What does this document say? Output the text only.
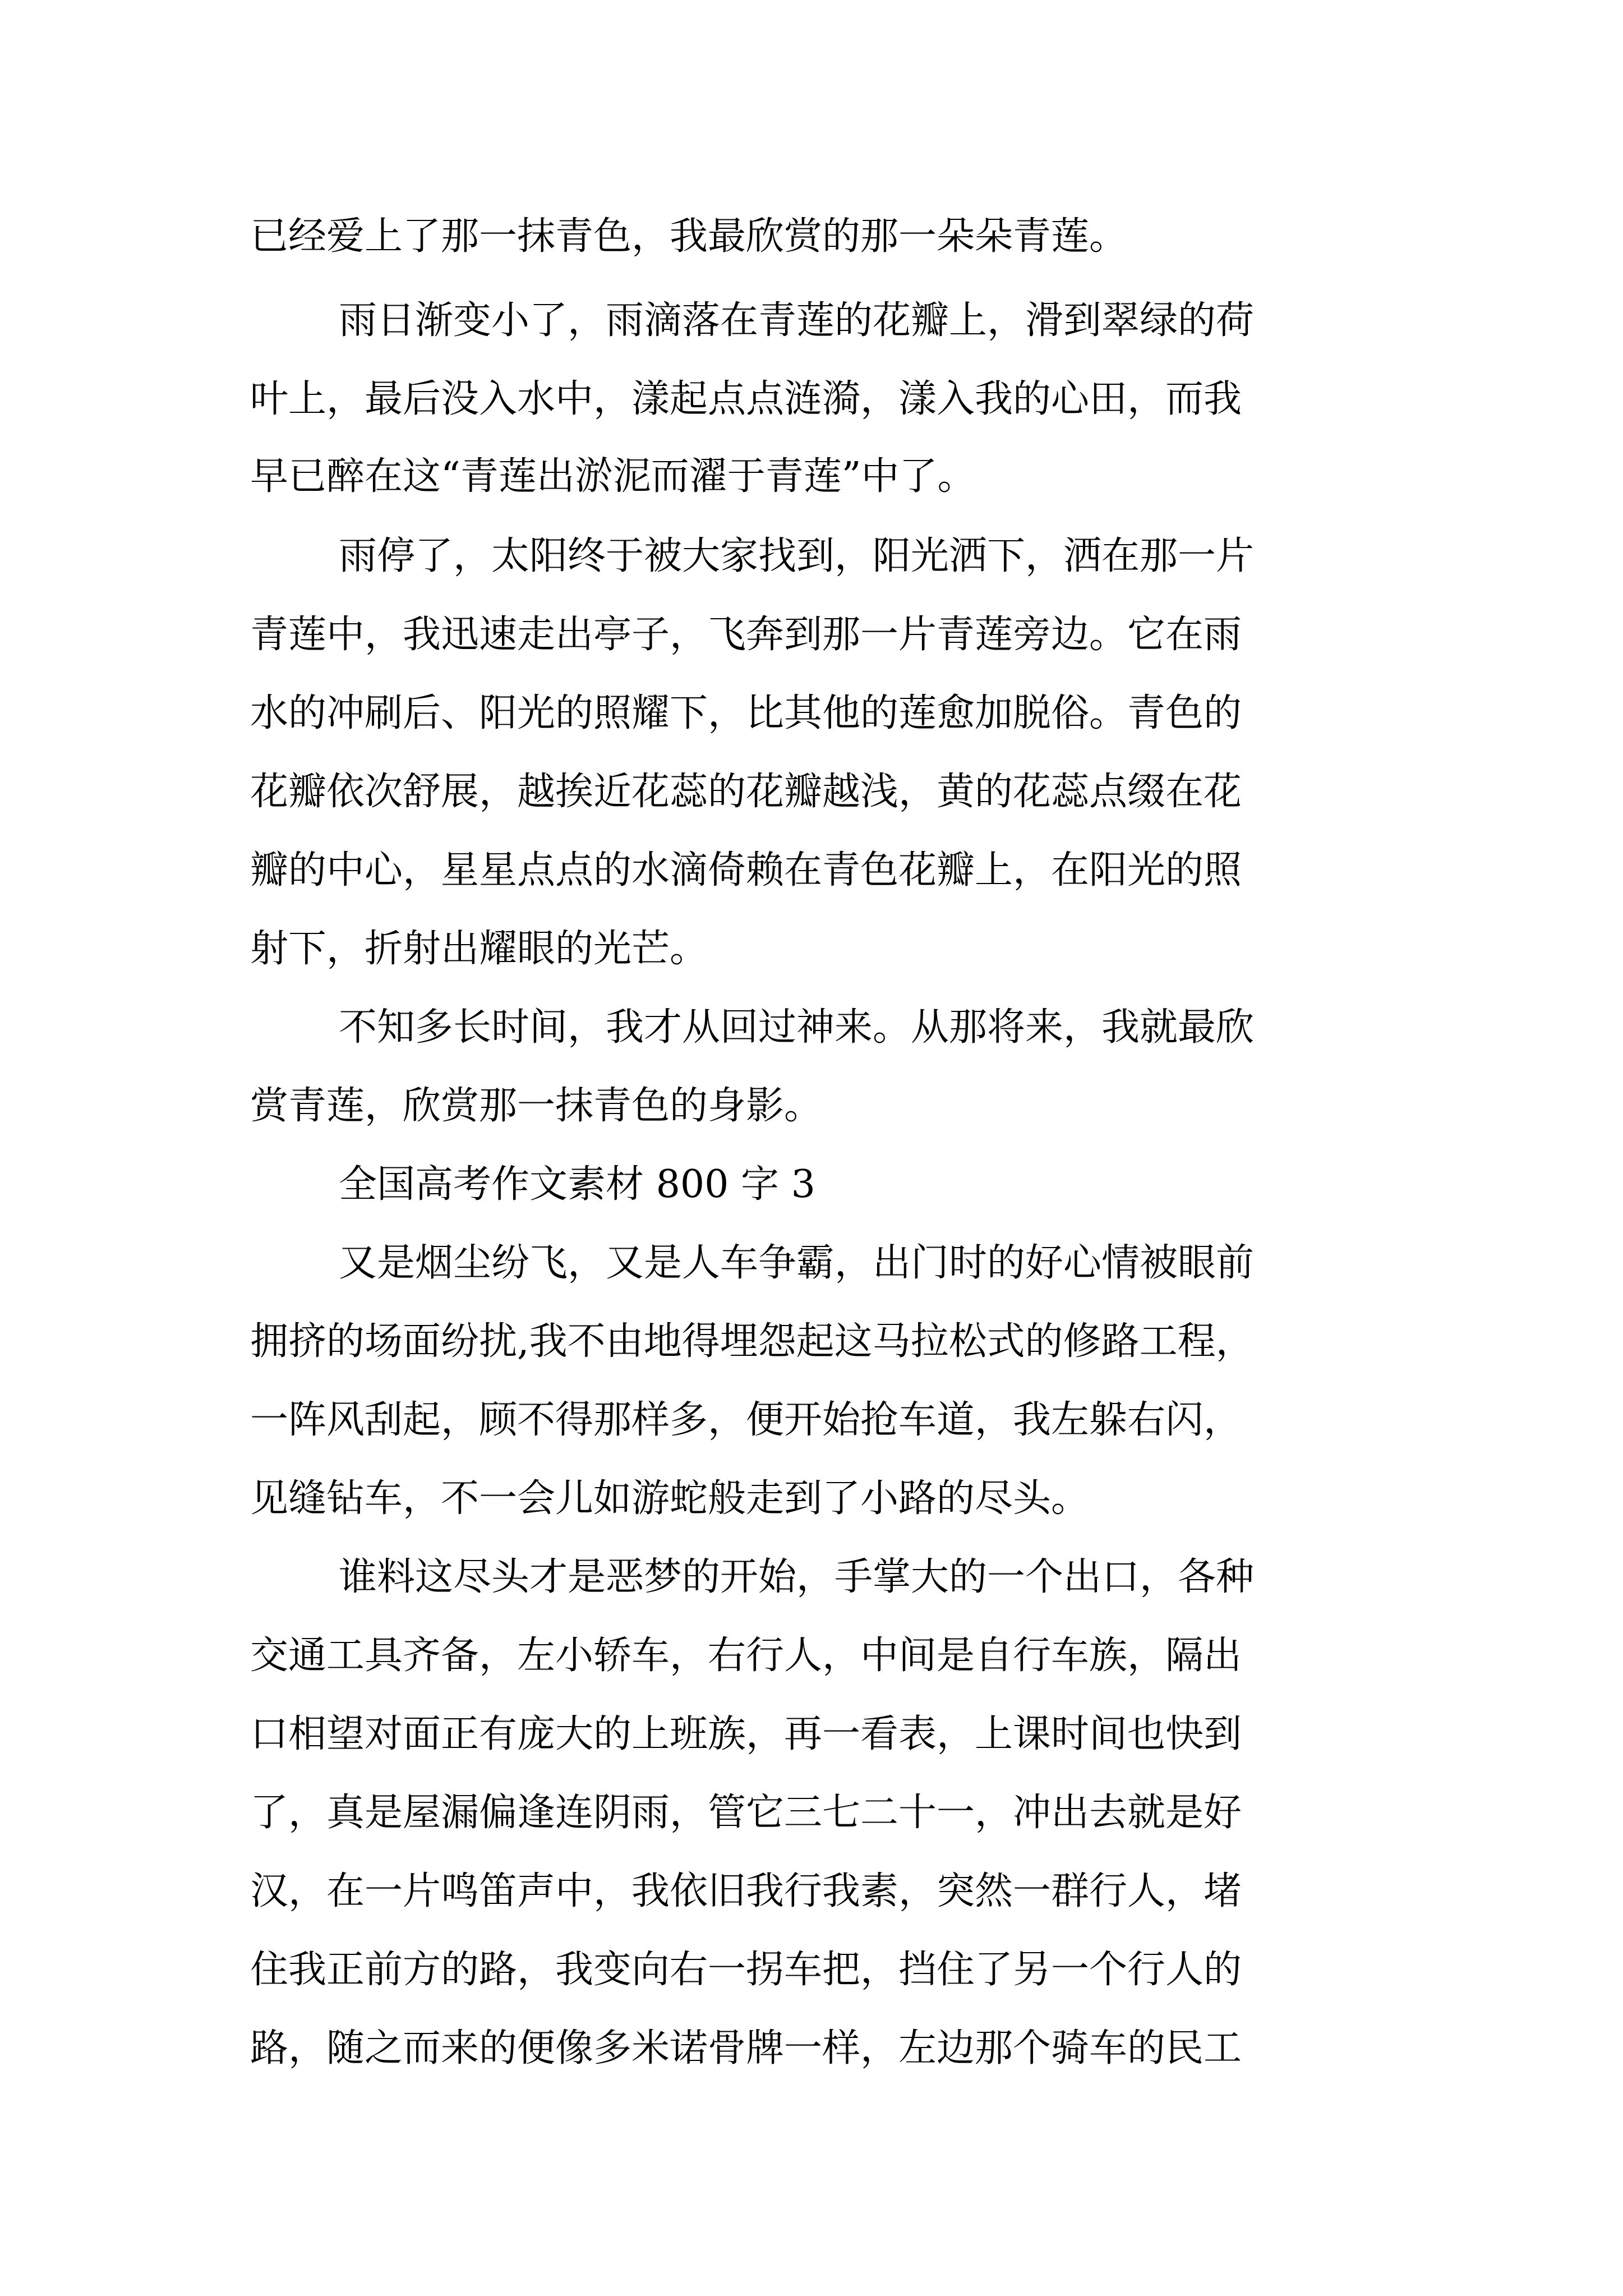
已经爱上了那一抹青色，我最欣赏的那一朵朵青莲。
雨日渐变小了，雨滴落在青莲的花瓣上，滑到翠绿的荷
叶上，最后没入水中，漾起点点涟漪，漾入我的心田，而我
早已醉在这“青莲出淤泥而濯于青莲”中了。
雨停了，太阳终于被大家找到，阳光洒下，洒在那一片
青莲中，我迅速走出亭子，飞奔到那一片青莲旁边。它在雨
水的冲刷后、阳光的照耀下，比其他的莲愈加脱俗。青色的
花瓣依次舒展，越挨近花蕊的花瓣越浅，黄的花蕊点缀在花
瓣的中心，星星点点的水滴倚赖在青色花瓣上，在阳光的照
射下，折射出耀眼的光芒。
不知多长时间，我才从回过神来。从那将来，我就最欣
赏青莲，欣赏那一抹青色的身影。
全国高考作文素材 800 字 3
又是烟尘纷飞，又是人车争霸，出门时的好心情被眼前
拥挤的场面纷扰,我不由地得埋怨起这马拉松式的修路工程，
一阵风刮起，顾不得那样多，便开始抢车道，我左躲右闪，
见缝钻车，不一会儿如游蛇般走到了小路的尽头。
谁料这尽头才是恶梦的开始，手掌大的一个出口，各种
交通工具齐备，左小轿车，右行人，中间是自行车族，隔出
口相望对面正有庞大的上班族，再一看表，上课时间也快到
了，真是屋漏偏逢连阴雨，管它三七二十一，冲出去就是好
汉，在一片鸣笛声中，我依旧我行我素，突然一群行人，堵
住我正前方的路，我变向右一拐车把，挡住了另一个行人的
路，随之而来的便像多米诺骨牌一样，左边那个骑车的民工
